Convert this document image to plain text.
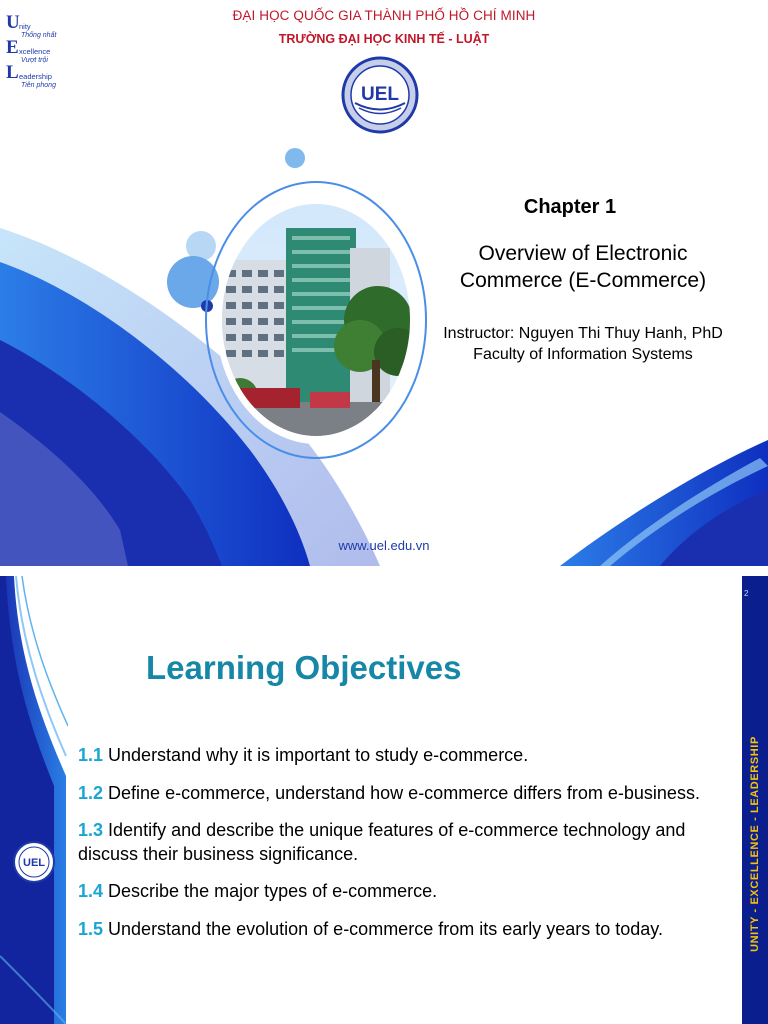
U nity
Thống nhất
E xcellence
Vượt trội
L eadership
Tiên phong
ĐẠI HỌC QUỐC GIA THÀNH PHỐ HỒ CHÍ MINH
TRƯỜNG ĐẠI HỌC KINH TẾ - LUẬT
UEL
Chapter 1
Overview of Electronic
Commerce (E-Commerce)
Instructor: Nguyen Thi Thuy Hanh, PhD
Faculty of Information Systems
www.uel.edu.vn
UEL	UNITY - EXCELLENCE - LEADERSHIP
2
Learning Objectives
1.1 Understand why it is important to study e-commerce.
1.2 Define e-commerce, understand how e-commerce differs from e-business.
1.3 Identify and describe the unique features of e-commerce technology and discuss their business significance.
1.4 Describe the major types of e-commerce.
1.5 Understand the evolution of e-commerce from its early years to today.
